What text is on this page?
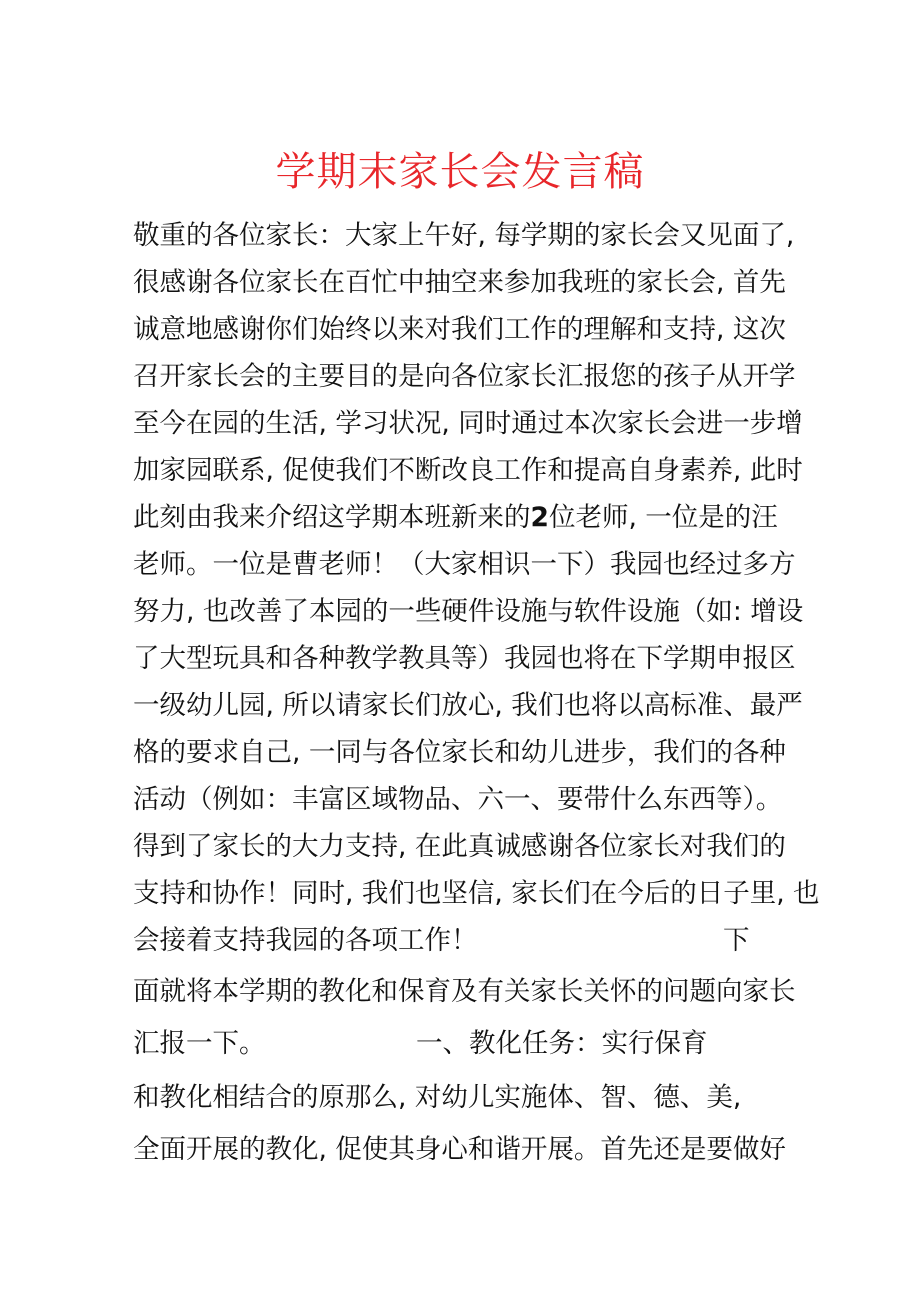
学期末家长会发言稿
敬重的各位家长：大家上午好, 每学期的家长会又见面了,
很感谢各位家长在百忙中抽空来参加我班的家长会, 首先
诚意地感谢你们始终以来对我们工作的理解和支持, 这次
召开家长会的主要目的是向各位家长汇报您的孩子从开学
至今在园的生活, 学习状况, 同时通过本次家长会进一步增
加家园联系, 促使我们不断改良工作和提高自身素养, 此时
此刻由我来介绍这学期本班新来的2位老师, 一位是的汪
老师。一位是曹老师！（大家相识一下）我园也经过多方
努力, 也改善了本园的一些硬件设施与软件设施（如: 增设
了大型玩具和各种教学教具等）我园也将在下学期申报区
一级幼儿园, 所以请家长们放心, 我们也将以高标准、最严
格的要求自己, 一同与各位家长和幼儿进步，我们的各种
活动（例如：丰富区域物品、六一、要带什么东西等）。
得到了家长的大力支持, 在此真诚感谢各位家长对我们的
支持和协作！同时, 我们也坚信, 家长们在今后的日子里, 也
会接着支持我园的各项工作！	下
面就将本学期的教化和保育及有关家长关怀的问题向家长
汇报一下。	一、教化任务：实行保育
和教化相结合的原那么, 对幼儿实施体、智、德、美,
全面开展的教化, 促使其身心和谐开展。首先还是要做好
